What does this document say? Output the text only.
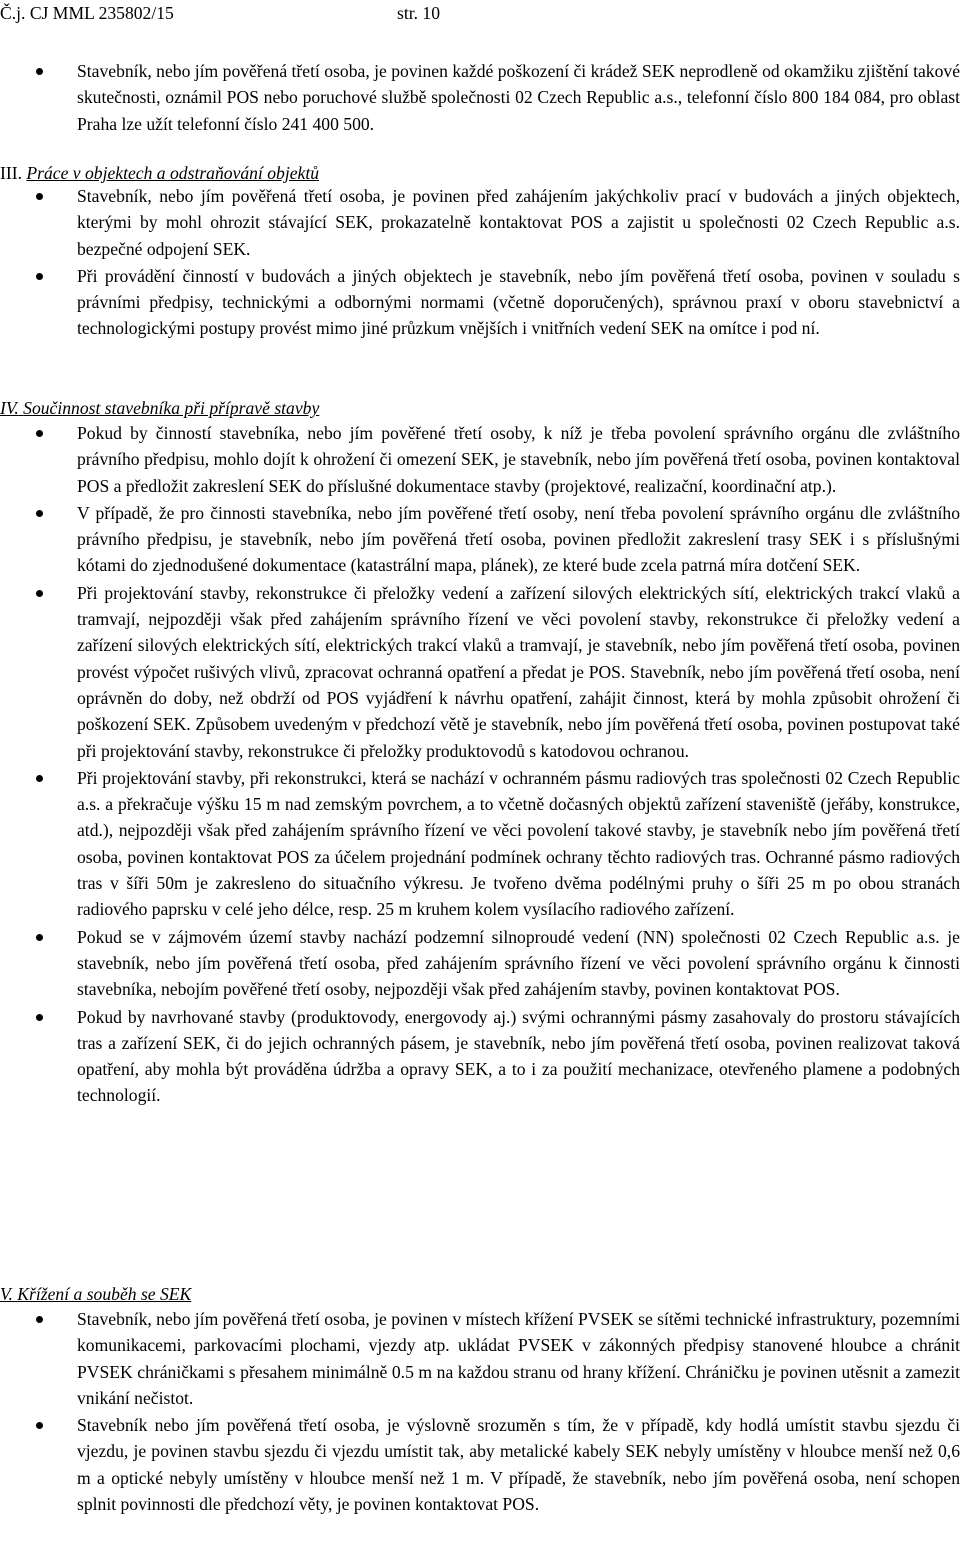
Č.j. CJ MML 235802/15	str. 10
Stavebník, nebo jím pověřená třetí osoba, je povinen každé poškození či krádež SEK neprodleně od okamžiku zjištění takové skutečnosti, oznámil POS nebo poruchové službě společnosti 02 Czech Republic a.s., telefonní číslo 800 184 084, pro oblast Praha lze užít telefonní číslo 241 400 500.
III. Práce v objektech a odstraňování objektů
Stavebník, nebo jím pověřená třetí osoba, je povinen před zahájením jakýchkoliv prací v budovách a jiných objektech, kterými by mohl ohrozit stávající SEK, prokazatelně kontaktovat POS a zajistit u společnosti 02 Czech Republic a.s. bezpečné odpojení SEK.
Při provádění činností v budovách a jiných objektech je stavebník, nebo jím pověřená třetí osoba, povinen v souladu s právními předpisy, technickými a odbornými normami (včetně doporučených), správnou praxí v oboru stavebnictví a technologickými postupy provést mimo jiné průzkum vnějších i vnitřních vedení SEK na omítce i pod ní.
IV. Součinnost stavebníka při přípravě stavby
Pokud by činností stavebníka, nebo jím pověřené třetí osoby, k níž je třeba povolení správního orgánu dle zvláštního právního předpisu, mohlo dojít k ohrožení či omezení SEK, je stavebník, nebo jím pověřená třetí osoba, povinen kontaktoval POS a předložit zakreslení SEK do příslušné dokumentace stavby (projektové, realizační, koordinační atp.).
V případě, že pro činnosti stavebníka, nebo jím pověřené třetí osoby, není třeba povolení správního orgánu dle zvláštního právního předpisu, je stavebník, nebo jím pověřená třetí osoba, povinen předložit zakreslení trasy SEK i s příslušnými kótami do zjednodušené dokumentace (katastrální mapa, plánek), ze které bude zcela patrná míra dotčení SEK.
Při projektování stavby, rekonstrukce či přeložky vedení a zařízení silových elektrických sítí, elektrických trakcí vlaků a tramvají, nejpozději však před zahájením správního řízení ve věci povolení stavby, rekonstrukce či přeložky vedení a zařízení silových elektrických sítí, elektrických trakcí vlaků a tramvají, je stavebník, nebo jím pověřená třetí osoba, povinen provést výpočet rušivých vlivů, zpracovat ochranná opatření a předat je POS. Stavebník, nebo jím pověřená třetí osoba, není oprávněn do doby, než obdrží od POS vyjádření k návrhu opatření, zahájit činnost, která by mohla způsobit ohrožení či poškození SEK. Způsobem uvedeným v předchozí větě je stavebník, nebo jím pověřená třetí osoba, povinen postupovat také při projektování stavby, rekonstrukce či přeložky produktovodů s katodovou ochranou.
Při projektování stavby, při rekonstrukci, která se nachází v ochranném pásmu radiových tras společnosti 02 Czech Republic a.s. a překračuje výšku 15 m nad zemským povrchem, a to včetně dočasných objektů zařízení staveniště (jeřáby, konstrukce, atd.), nejpozději však před zahájením správního řízení ve věci povolení takové stavby, je stavebník nebo jím pověřená třetí osoba, povinen kontaktovat POS za účelem projednání podmínek ochrany těchto radiových tras. Ochranné pásmo radiových tras v šíři 50m je zakresleno do situačního výkresu. Je tvořeno dvěma podélnými pruhy o šíři 25 m po obou stranách radiového paprsku v celé jeho délce, resp. 25 m kruhem kolem vysílacího radiového zařízení.
Pokud se v zájmovém území stavby nachází podzemní silnoproudé vedení (NN) společnosti 02 Czech Republic a.s. je stavebník, nebo jím pověřená třetí osoba, před zahájením správního řízení ve věci povolení správního orgánu k činnosti stavebníka, nebojím pověřené třetí osoby, nejpozději však před zahájením stavby, povinen kontaktovat POS.
Pokud by navrhované stavby (produktovody, energovody aj.) svými ochrannými pásmy zasahovaly do prostoru stávajících tras a zařízení SEK, či do jejich ochranných pásem, je stavebník, nebo jím pověřená třetí osoba, povinen realizovat taková opatření, aby mohla být prováděna údržba a opravy SEK, a to i za použití mechanizace, otevřeného plamene a podobných technologií.
V. Křížení a souběh se SEK
Stavebník, nebo jím pověřená třetí osoba, je povinen v místech křížení PVSEK se sítěmi technické infrastruktury, pozemními komunikacemi, parkovacími plochami, vjezdy atp. ukládat PVSEK v zákonných předpisy stanovené hloubce a chránit PVSEK chráničkami s přesahem minimálně 0.5 m na každou stranu od hrany křížení. Chráničku je povinen utěsnit a zamezit vnikání nečistot.
Stavebník nebo jím pověřená třetí osoba, je výslovně srozuměn s tím, že v případě, kdy hodlá umístit stavbu sjezdu či vjezdu, je povinen stavbu sjezdu či vjezdu umístit tak, aby metalické kabely SEK nebyly umístěny v hloubce menší než 0,6 m a optické nebyly umístěny v hloubce menší než 1 m. V případě, že stavebník, nebo jím pověřená osoba, není schopen splnit povinnosti dle předchozí věty, je povinen kontaktovat POS.
